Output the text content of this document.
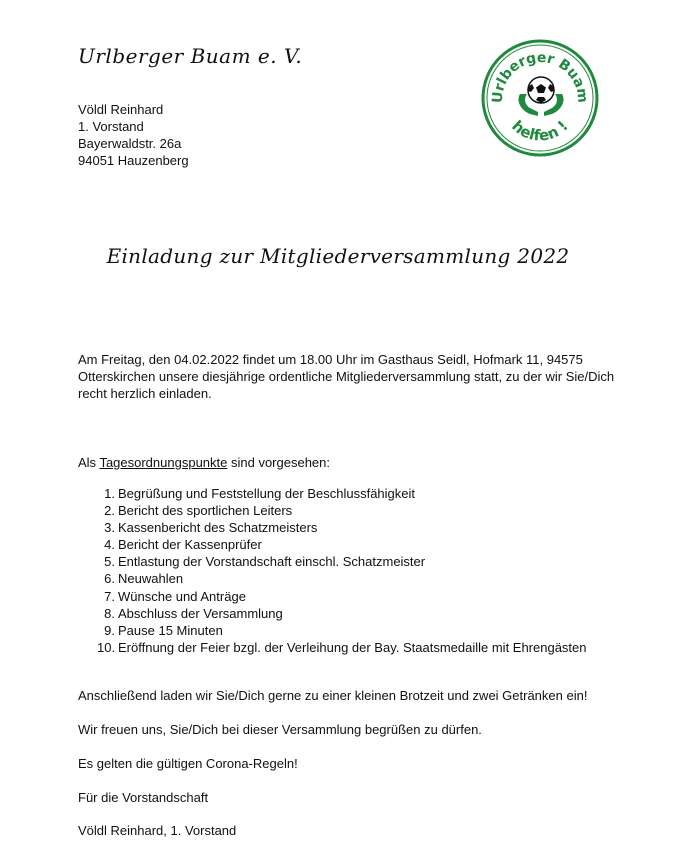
Urlberger Buam e. V.
Völdl Reinhard
1. Vorstand
Bayerwaldstr. 26a
94051 Hauzenberg
Urlberger Buam
helfen !
Einladung zur Mitgliederversammlung 2022
Am Freitag, den 04.02.2022 findet um 18.00 Uhr im Gasthaus Seidl, Hofmark 11, 94575 Otterskirchen unsere diesjährige ordentliche Mitgliederversammlung statt, zu der wir Sie/Dich recht herzlich einladen.
Als Tagesordnungspunkte sind vorgesehen:
1. Begrüßung und Feststellung der Beschlussfähigkeit
2. Bericht des sportlichen Leiters
3. Kassenbericht des Schatzmeisters
4. Bericht der Kassenprüfer
5. Entlastung der Vorstandschaft einschl. Schatzmeister
6. Neuwahlen
7. Wünsche und Anträge
8. Abschluss der Versammlung
9. Pause 15 Minuten
10. Eröffnung der Feier bzgl. der Verleihung der Bay. Staatsmedaille mit Ehrengästen
Anschließend laden wir Sie/Dich gerne zu einer kleinen Brotzeit und zwei Getränken ein!
Wir freuen uns, Sie/Dich bei dieser Versammlung begrüßen zu dürfen.
Es gelten die gültigen Corona-Regeln!
Für die Vorstandschaft
Völdl Reinhard, 1. Vorstand
